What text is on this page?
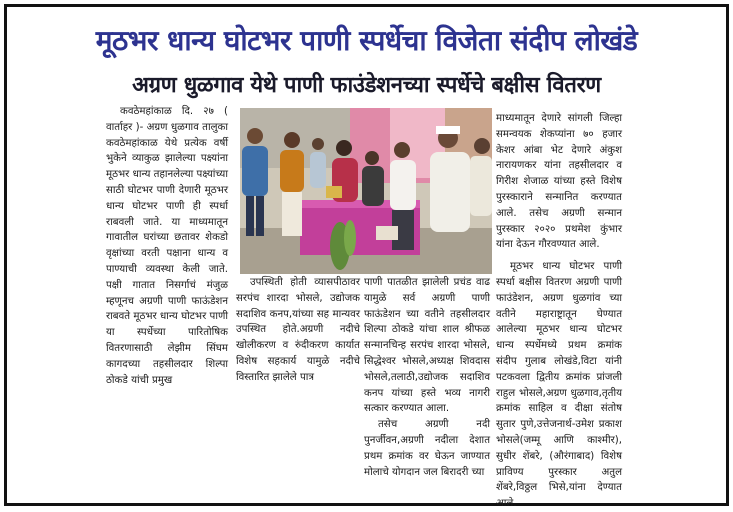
मूठभर धान्य घोटभर पाणी स्पर्धेचा विजेता संदीप लोखंडे
अग्रण धुळगाव येथे पाणी फाउंडेशनच्या स्पर्धेचे बक्षीस वितरण

कवठेमहांकाळ दि. २७ ( वार्ताहर )- अग्रण धुळगाव तालुका कवठेमहांकाळ येथे प्रत्येक वर्षी भुकेने व्याकुळ झालेल्या पक्ष्यांना मूठभर धान्य तहानलेल्या पक्ष्यांच्या साठी घोटभर पाणी देणारी मूठभर धान्य घोटभर पाणी ही स्पर्धा राबवली जाते. या माध्यमातून गावातील घरांच्या छतावर शेकडो वृक्षांच्या वरती पक्षाना धान्य व पाण्याची व्यवस्था केली जाते. पक्षी गातात निसर्गाचं मंजुळ म्हणूनच अग्रणी पाणी फाऊंडेशन राबवते मूठभर धान्य घोटभर पाणी या स्पर्धेच्या पारितोषिक वितरणासाठी लेझीम सिंघम कागदच्या तहसीलदार शिल्पा ठोकडे यांची प्रमुख

उपस्थिती होती व्यासपीठावर सरपंच शारदा भोसले, उद्योजक सदाशिव कनप,यांच्या सह मान्यवर उपस्थित होते.अग्रणी नदीचे खोलीकरण व रुंदीकरण कार्यात विशेष सहकार्य यामुळे नदीचे विस्तारित झालेले पात्र

पाणी पातळीत झालेली प्रचंड वाढ यामुळे सर्व अग्रणी पाणी फाऊंडेशन च्या वतीने तहसीलदार शिल्पा ठोकडे यांचा शाल श्रीफळ सन्मानचिन्ह सरपंच शारदा भोसले, सिद्धेश्वर भोसले,अध्यक्ष शिवदास भोसले,तलाठी,उद्योजक सदाशिव कनप यांच्या हस्ते भव्य नागरी सत्कार करण्यात आला.

तसेच अग्रणी नदी पुनर्जीवन,अग्रणी नदीला देशात प्रथम क्रमांक वर घेऊन जाण्यात मोलाचे योगदान जल बिरादरी च्या

माध्यमातून देणारे सांगली जिल्हा समन्वयक शेकप्यांना ७० हजार केशर आंबा भेट देणारे अंकुश नारायणकर यांना तहसीलदार व गिरीश शेजाळ यांच्या हस्ते विशेष पुरस्काराने सन्मानित करण्यात आले. तसेच अग्रणी सन्मान पुरस्कार २०२० प्रथमेश कुंभार यांना देऊन गौरवण्यात आले.

मूठभर धान्य घोटभर पाणी स्पर्धा बक्षीस वितरण अग्रणी पाणी फाउंडेशन, अग्रण धुळगांव च्या वतीने महाराष्ट्रातून घेण्यात आलेल्या मूठभर धान्य घोटभर धान्य स्पर्धेमध्ये प्रथम क्रमांक संदीप गुलाब लोखंडे,विटा यांनी पटकवला द्वितीय क्रमांक प्रांजली राहुल भोसले,अग्रण धुळगाव,तृतीय क्रमांक साहिल व दीक्षा संतोष सुतार पुणे,उत्तेजनार्थ-उमेश प्रकाश भोसले(जम्मू आणि काश्मीर), सुधीर शेंबरे, (औरंगाबाद) विशेष प्राविण्य पुरस्कार अतुल शेंबरे,विठ्ठल भिसे,यांना देण्यात आले.
